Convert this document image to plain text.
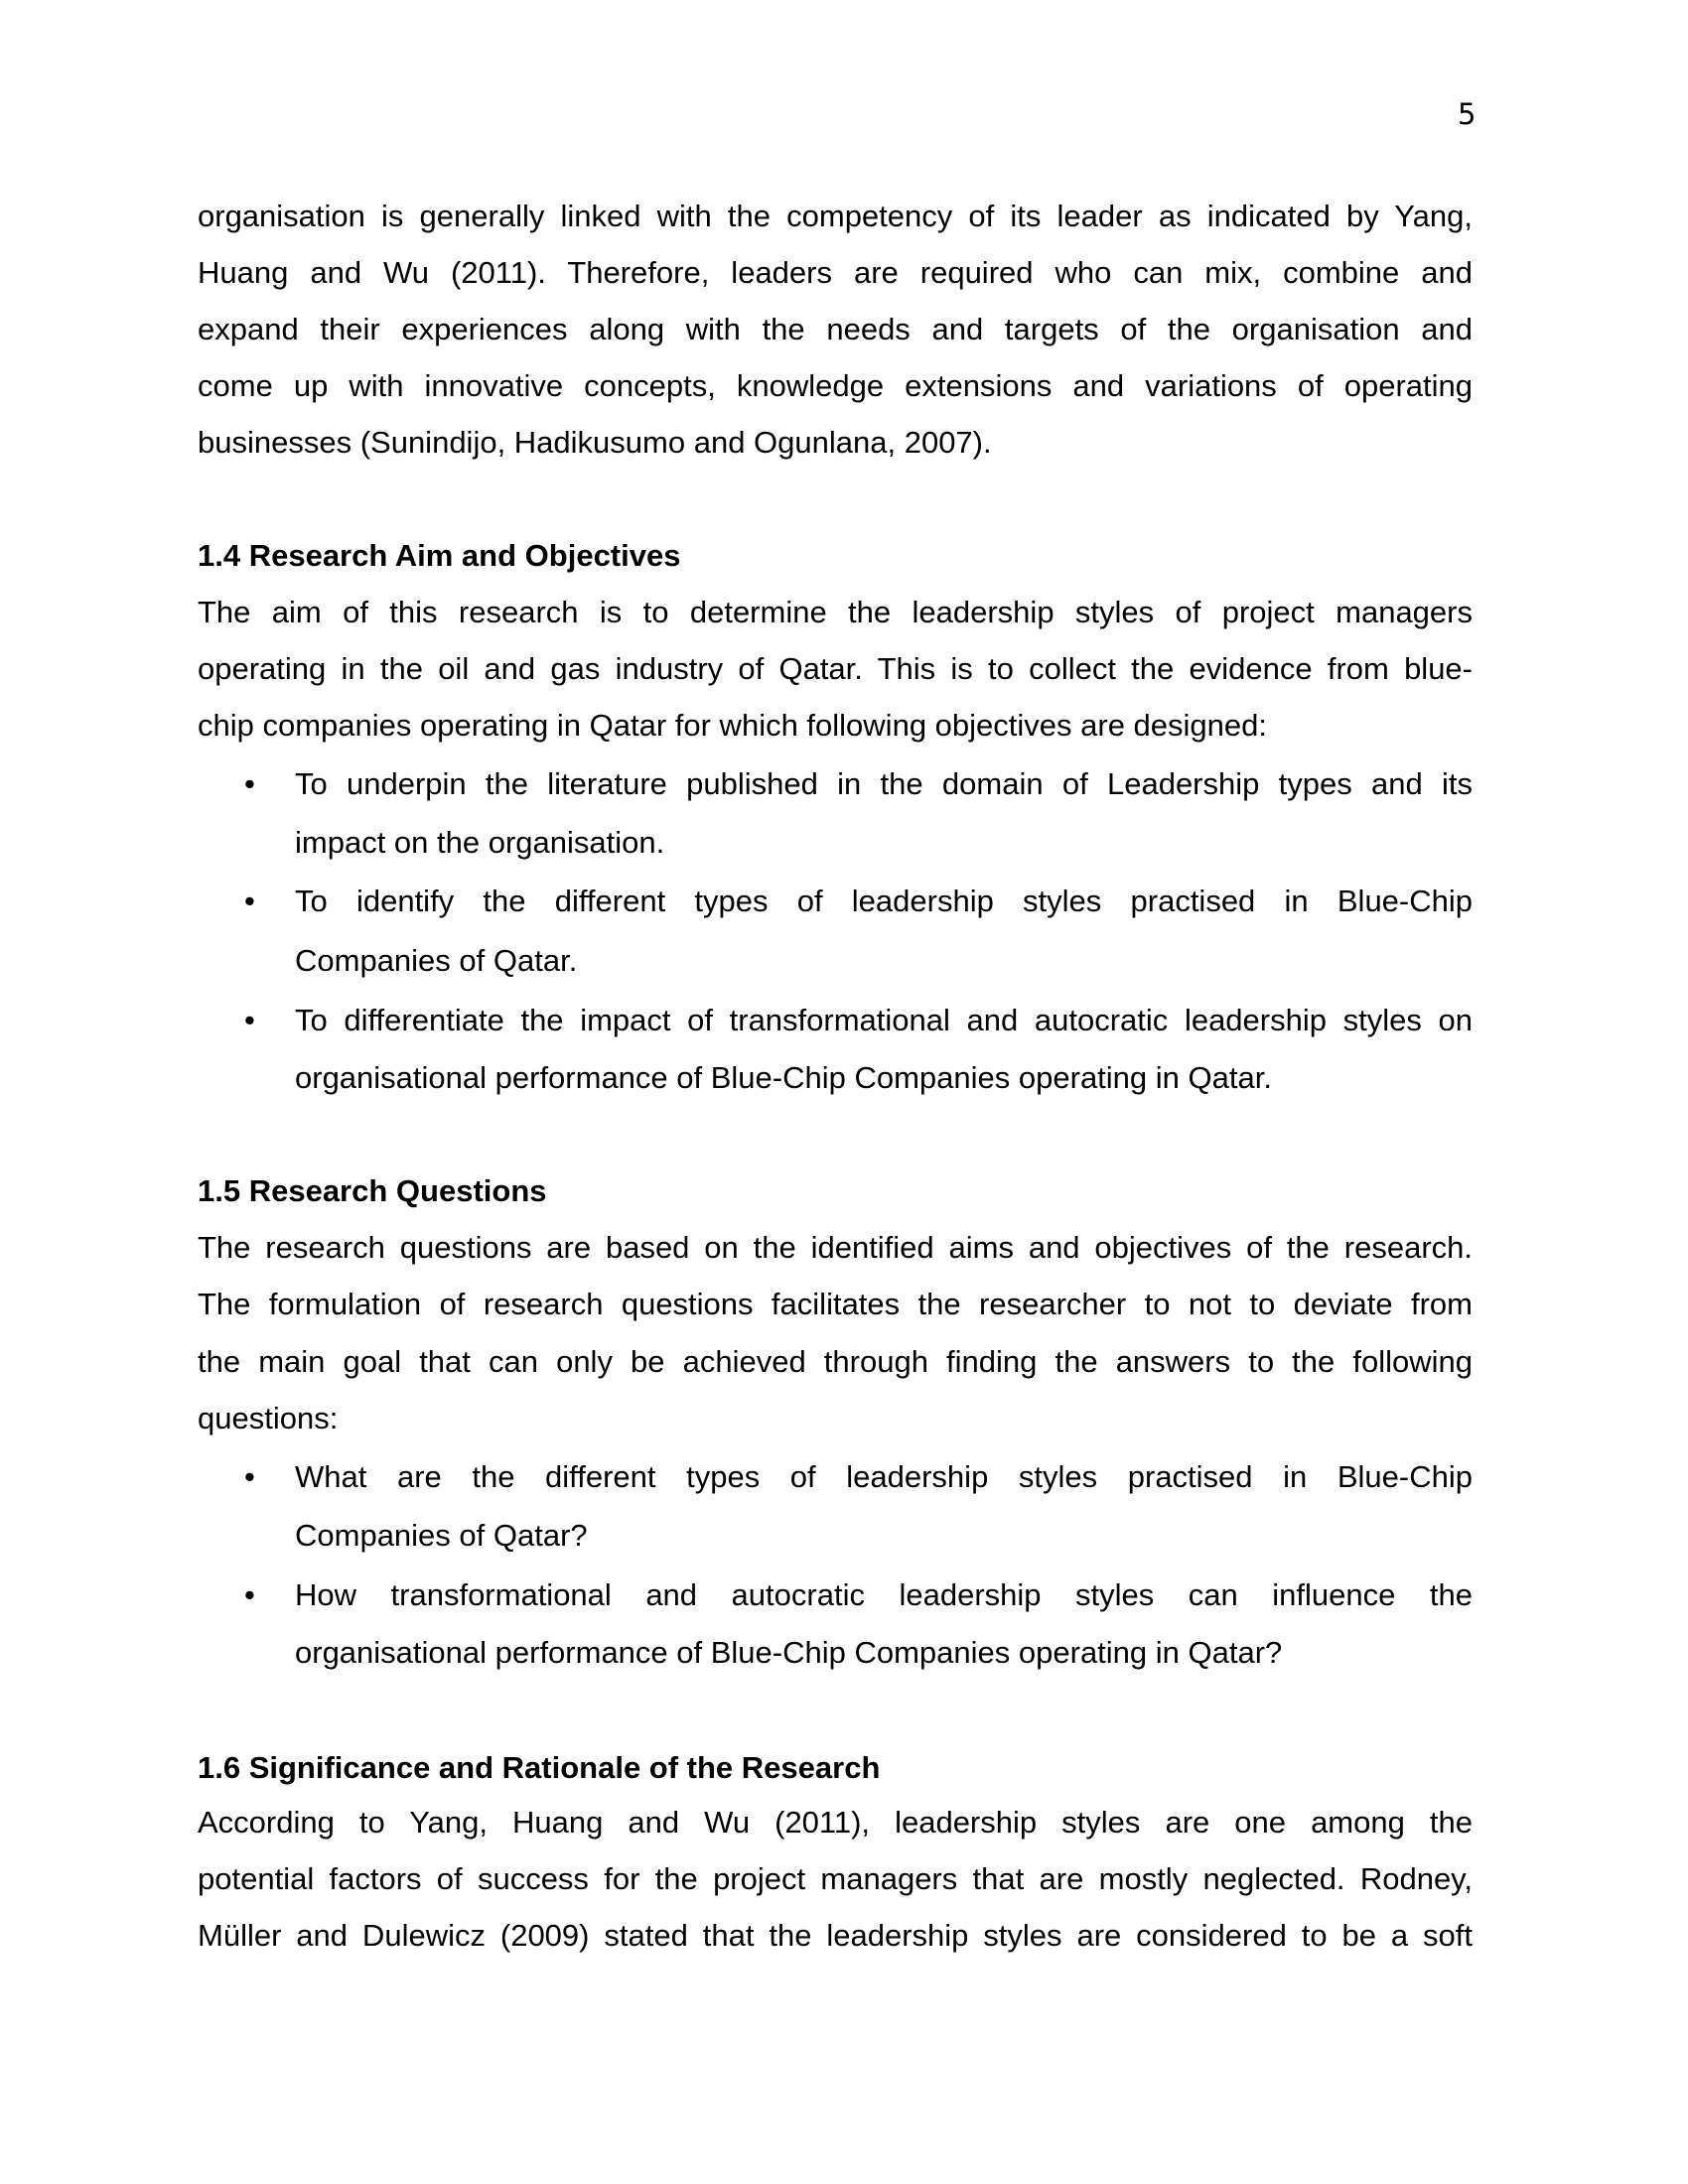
5
organisation is generally linked with the competency of its leader as indicated by Yang,
Huang and Wu (2011). Therefore, leaders are required who can mix, combine and
expand their experiences along with the needs and targets of the organisation and
come up with innovative concepts, knowledge extensions and variations of operating
businesses (Sunindijo, Hadikusumo and Ogunlana, 2007).
1.4 Research Aim and Objectives
The aim of this research is to determine the leadership styles of project managers
operating in the oil and gas industry of Qatar. This is to collect the evidence from blue-
chip companies operating in Qatar for which following objectives are designed:
• To underpin the literature published in the domain of Leadership types and its
impact on the organisation.
• To identify the different types of leadership styles practised in Blue-Chip
Companies of Qatar.
• To differentiate the impact of transformational and autocratic leadership styles on
organisational performance of Blue-Chip Companies operating in Qatar.
1.5 Research Questions
The research questions are based on the identified aims and objectives of the research.
The formulation of research questions facilitates the researcher to not to deviate from
the main goal that can only be achieved through finding the answers to the following
questions:
• What are the different types of leadership styles practised in Blue-Chip
Companies of Qatar?
• How transformational and autocratic leadership styles can influence the
organisational performance of Blue-Chip Companies operating in Qatar?
1.6 Significance and Rationale of the Research
According to Yang, Huang and Wu (2011), leadership styles are one among the
potential factors of success for the project managers that are mostly neglected. Rodney,
Müller and Dulewicz (2009) stated that the leadership styles are considered to be a soft
